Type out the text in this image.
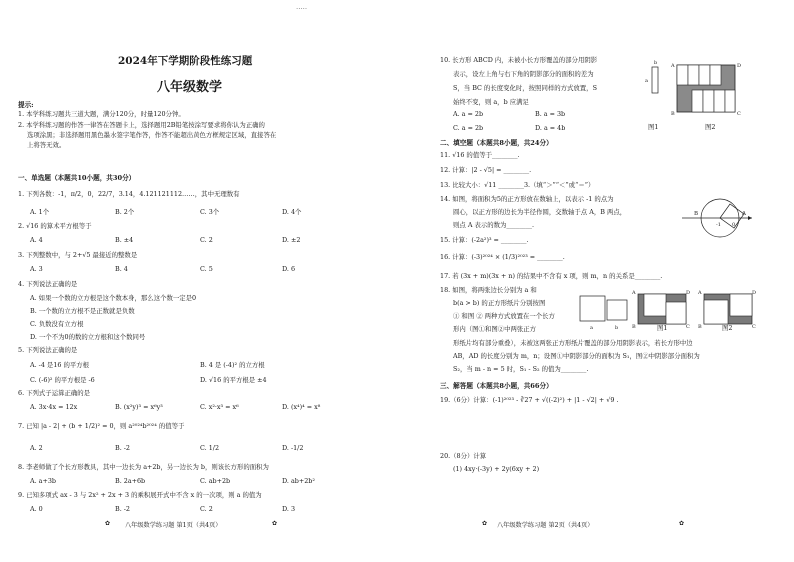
.....
2024年下学期阶段性练习题
八年级数学
提示:
1. 本学科练习题共三道大题，满分120分，时量120分钟。
2. 本学科练习题的作答一律答在答题卡上，选择题用2B铅笔按涂写要求将你认为正确的
选项涂黑；非选择题用黑色墨水签字笔作答，作答不能超出黄色方框规定区域，直接答在
上将答无效。
一、单选题（本题共10小题，共30分）
1. 下列各数：-1，π/2，0，22/7，3.14，4.121121112……，其中无理数有
A. 1个	B. 2个	C. 3个	D. 4个
2. √16 的算术平方根等于
A. 4	B. ±4	C. 2	D. ±2
3. 下列整数中，与 2+√5 最接近的整数是
A. 3	B. 4	C. 5	D. 6
4. 下列说法正确的是
A. 如果一个数的立方根是这个数本身，那么这个数一定是0
B. 一个数的立方根不是正数就是负数
C. 负数没有立方根
D. 一个不为0的数的立方根和这个数同号
5. 下列说法正确的是
A. -4 是16 的平方根	B. 4 是 (-4)² 的立方根
C. (-6)² 的平方根是 -6	D. √16 的平方根是 ±4
6. 下列式子运算正确的是
A. 3x·4x = 12x	B. (x²y)³ = x⁶y³	C. x²·x³ = x⁶	D. (x⁴)⁴ = x⁸
7. 已知 |a - 2| + (b + 1/2)² = 0，则 a²⁰²⁴b²⁰²⁴ 的值等于
A. 2	B. -2	C. 1/2	D. -1/2
8. 李老师做了个长方形教具，其中一边长为 a+2b，另一边长为 b，则该长方形的面积为
A. a+3b	B. 2a+6b	C. ab+2b	D. ab+2b²
9. 已知多项式 ax - 3 与 2x² + 2x + 3 的乘积展开式中不含 x 的一次项，则 a 的值为
A. 0	B. -2	C. 2	D. 3
✿ 八年级数学练习题 第1页（共4页）	✿
10. 长方形 ABCD 内，未被小长方形覆盖的部分用阴影
表示，设左上角与右下角的阴影部分的面积的差为
S，当 BC 的长度变化时，按照同样的方式放置，S
始终不变，则 a，b 应满足
A. a = 2b	B. a = 3b
C. a = 2b	D. a = 4b
a
b
图1
A	D
B	C
图2
二、填空题（本题共8小题，共24分）
11. √16 的值等于________.
12. 计算：|2 - √5| = ________.
13. 比较大小：√11 ________3.（填“＞”“＜”或“＝”）
14. 如图，将面积为5的正方形放在数轴上，以表示 -1 的点为
圆心，以正方形的边长为半径作圆，交数轴于点 A，B 两点，
则点 A 表示的数为________.
B	A
-1 0
15. 计算：(-2a²)³ = ________.
16. 计算：(-3)²⁰²⁴ × (1/3)²⁰²³ = ________.
17. 若 (3x + m)(3x + n) 的结果中不含有 x 项，则 m，n 的关系是________.
18. 如图，将两张边长分别为 a 和
b(a > b) 的正方形纸片分别按图
① 和图 ② 两种方式放置在一个长方
形内（图①和图②中两张正方
形纸片均有部分重叠），未被这两张正方形纸片覆盖的部分用阴影表示，若长方形中边
AB，AD 的长度分别为 m，n；设图①中阴影部分的面积为 S₁，图②中阴影部分面积为
S₂，当 m - n = 5 时，S₁ - S₂ 的值为________.
a	b
A	D
B	C
图1
A	D
B	C
图2
三、解答题（本题共8小题，共66分）
19.（6分）计算：(-1)²⁰²³ - ∛27 + √((-2)²) + |1 - √2| + √9 .
20.（8分）计算
(1) 4xy·(-3y) + 2y(6xy + 2)
✿ 八年级数学练习题 第2页（共4页）	✿
